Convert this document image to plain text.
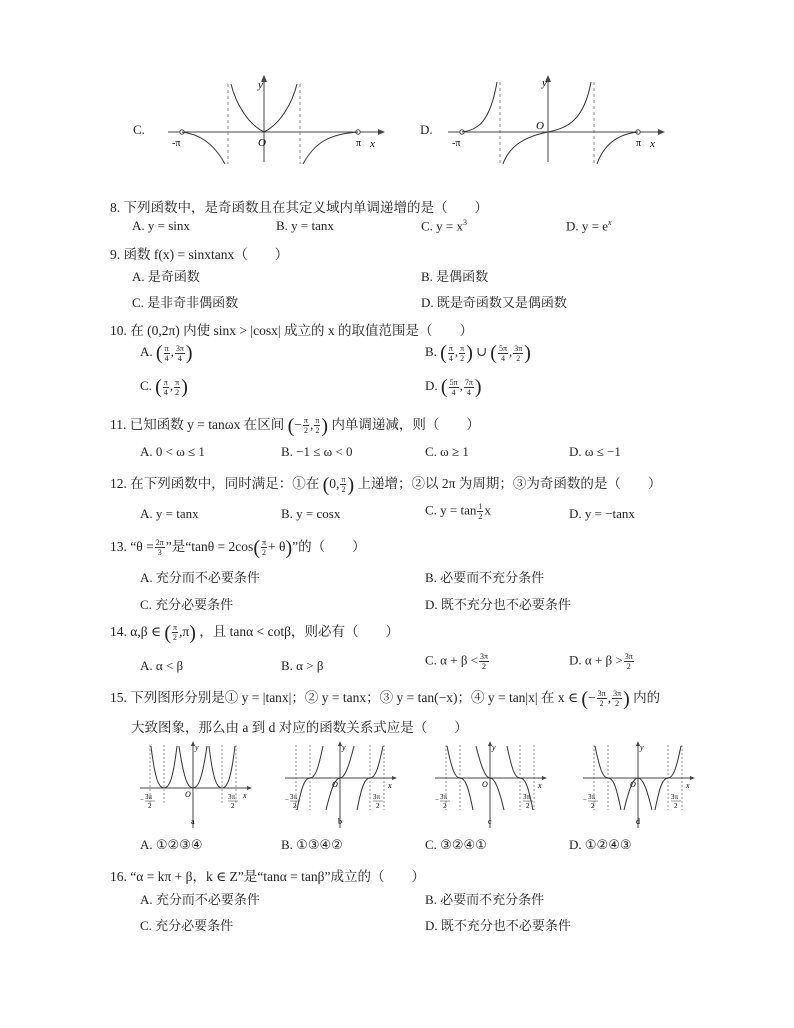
C.
y
x
O
-π	π
D.
y
x
O
-π	π
8. 下列函数中，是奇函数且在其定义域内单调递增的是（　　）
A. y = sinx	B. y = tanx	C. $y = x^3$	D. $y = e^x$
9. 函数 f(x) = sinxtanx（　　）
A. 是奇函数	B. 是偶函数
C. 是非奇非偶函数	D. 既是奇函数又是偶函数
10. 在 (0,2π) 内使 sinx > |cosx| 成立的 x 的取值范围是（　　）
A. ( $\frac{\pi}{4}$ , $\frac{3\pi}{4}$ )	B. ( $\frac{\pi}{4}$ , $\frac{\pi}{2}$ ) ∪ ( $\frac{5\pi}{4}$ , $\frac{3\pi}{2}$ )
C. ( $\frac{\pi}{4}$ , $\frac{\pi}{2}$ )	D. ( $\frac{5\pi}{4}$ , $\frac{7\pi}{4}$ )
11. 已知函数 y = tanωx 在区间 (− $\frac{\pi}{2}$ , $\frac{\pi}{2}$ ) 内单调递减，则（　　）
A. 0 < ω ≤ 1	B. −1 ≤ ω < 0	C. ω ≥ 1	D. ω ≤ −1
12. 在下列函数中，同时满足：①在 (0, $\frac{\pi}{2}$ ) 上递增；②以 2π 为周期；③为奇函数的是（　　）
A. y = tanx	B. y = cosx	C. $y = \tan \frac{1}{2}$ x	D. y = −tanx
13. “$\theta = \frac{2\pi}{3}$ ”是“$\tan\theta = 2\cos( \frac{\pi}{2} + \theta)$”的（　　）
A. 充分而不必要条件	B. 必要而不充分条件
C. 充分必要条件	D. 既不充分也不必要条件
14. α,β ∈ ( $\frac{\pi}{2} ,\pi$) ，且 tanα < cotβ，则必有（　　）
A. α < β	B. α > β	C. $\alpha + \beta < \frac{3\pi}{2}$	D. $\alpha + \beta > \frac{3\pi}{2}$
15. 下列图形分别是① y = |tanx|；② y = tanx；③ y = tan(−x)；④ y = tan|x| 在 x ∈ (− $\frac{3\pi}{2}$ , $\frac{3\pi}{2}$ ) 内的
大致图象，那么由 a 到 d 对应的函数关系式应是（　　）
y
x
O
− 3π
2
3π
2
a
y
x
O
− 3π
2
3π
2
b
y
x
O
− 3π
2
3π
2
c
y
x
O
− 3π
2
3π
2
d
A. ①②③④	B. ①③④②	C. ③②④①	D. ①②④③
16. “α = kπ + β，k ∈ Z”是“tanα = tanβ”成立的（　　）
A. 充分而不必要条件	B. 必要而不充分条件
C. 充分必要条件	D. 既不充分也不必要条件
